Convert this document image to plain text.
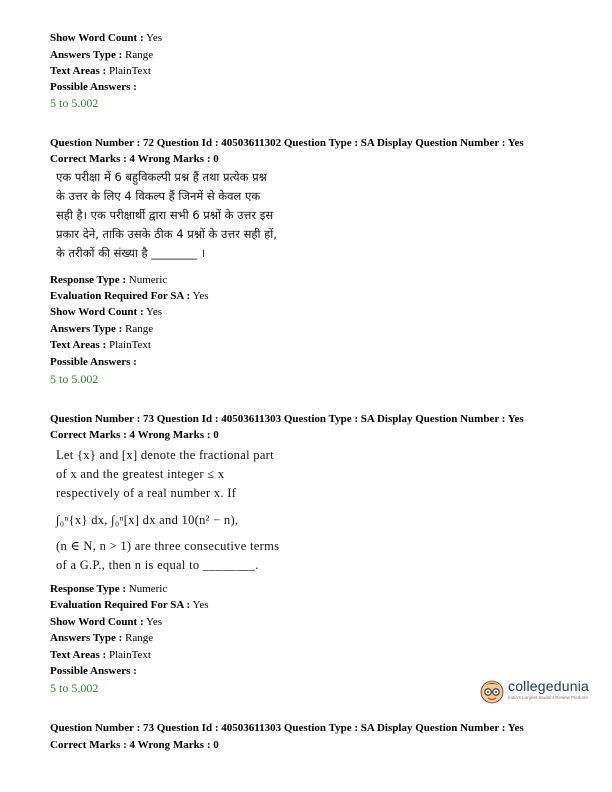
Show Word Count : Yes
Answers Type : Range
Text Areas : PlainText
Possible Answers :
5 to 5.002
Question Number : 72 Question Id : 40503611302 Question Type : SA Display Question Number : Yes
Correct Marks : 4 Wrong Marks : 0
एक परीक्षा में 6 बहुविकल्पी प्रश्न हैं तथा प्रत्येक प्रश्न
के उत्तर के लिए 4 विकल्प हैं जिनमें से केवल एक
सही है। एक परीक्षार्थी द्वारा सभी 6 प्रश्नों के उत्तर इस
प्रकार देने, ताकि उसके ठीक 4 प्रश्नों के उत्तर सही हों,
के तरीकों की संख्या है ________ ।
Response Type : Numeric
Evaluation Required For SA : Yes
Show Word Count : Yes
Answers Type : Range
Text Areas : PlainText
Possible Answers :
5 to 5.002
Question Number : 73 Question Id : 40503611303 Question Type : SA Display Question Number : Yes
Correct Marks : 4 Wrong Marks : 0
Let {x} and [x] denote the fractional part
of x and the greatest integer ≤ x
respectively of a real number x. If
∫₀ⁿ{x} dx, ∫₀ⁿ[x] dx and 10(n² − n),
(n ∈ N, n > 1) are three consecutive terms
of a G.P., then n is equal to ________.
Response Type : Numeric
Evaluation Required For SA : Yes
Show Word Count : Yes
Answers Type : Range
Text Areas : PlainText
Possible Answers :
5 to 5.002	collegedunia
India's Largest Student Review Platform
Question Number : 73 Question Id : 40503611303 Question Type : SA Display Question Number : Yes
Correct Marks : 4 Wrong Marks : 0
